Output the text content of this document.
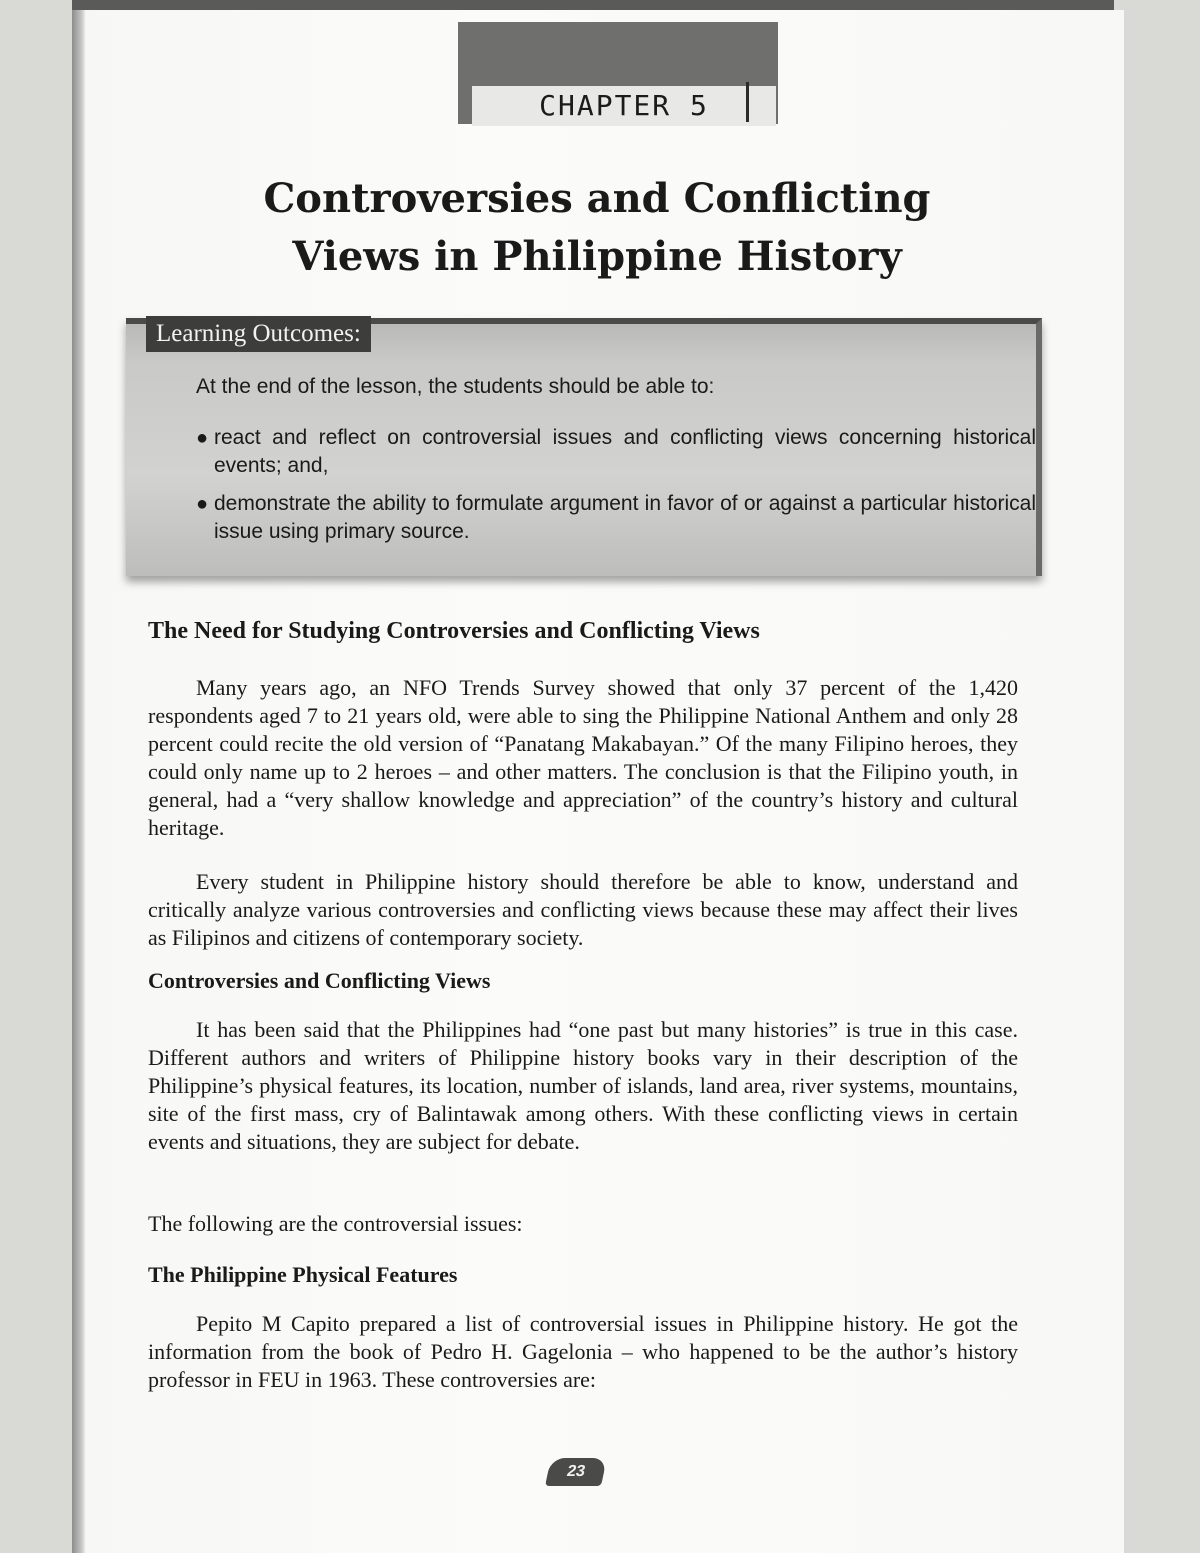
CHAPTER 5
Controversies and Conflicting
Views in Philippine History
Learning Outcomes:
At the end of the lesson, the students should be able to:
● react and reflect on controversial issues and conflicting views concerning historical events; and,
● demonstrate the ability to formulate argument in favor of or against a particular historical issue using primary source.
The Need for Studying Controversies and Conflicting Views

Many years ago, an NFO Trends Survey showed that only 37 percent of the 1,420 respondents aged 7 to 21 years old, were able to sing the Philippine National Anthem and only 28 percent could recite the old version of “Panatang Makabayan.” Of the many Filipino heroes, they could only name up to 2 heroes – and other matters. The conclusion is that the Filipino youth, in general, had a “very shallow knowledge and appreciation” of the country’s history and cultural heritage.

Every student in Philippine history should therefore be able to know, understand and critically analyze various controversies and conflicting views because these may affect their lives as Filipinos and citizens of contemporary society.

Controversies and Conflicting Views

It has been said that the Philippines had “one past but many histories” is true in this case. Different authors and writers of Philippine history books vary in their description of the Philippine’s physical features, its location, number of islands, land area, river systems, mountains, site of the first mass, cry of Balintawak among others. With these conflicting views in certain events and situations, they are subject for debate.

The following are the controversial issues:

The Philippine Physical Features

Pepito M Capito prepared a list of controversial issues in Philippine history. He got the information from the book of Pedro H. Gagelonia – who happened to be the author’s history professor in FEU in 1963. These controversies are:

23
